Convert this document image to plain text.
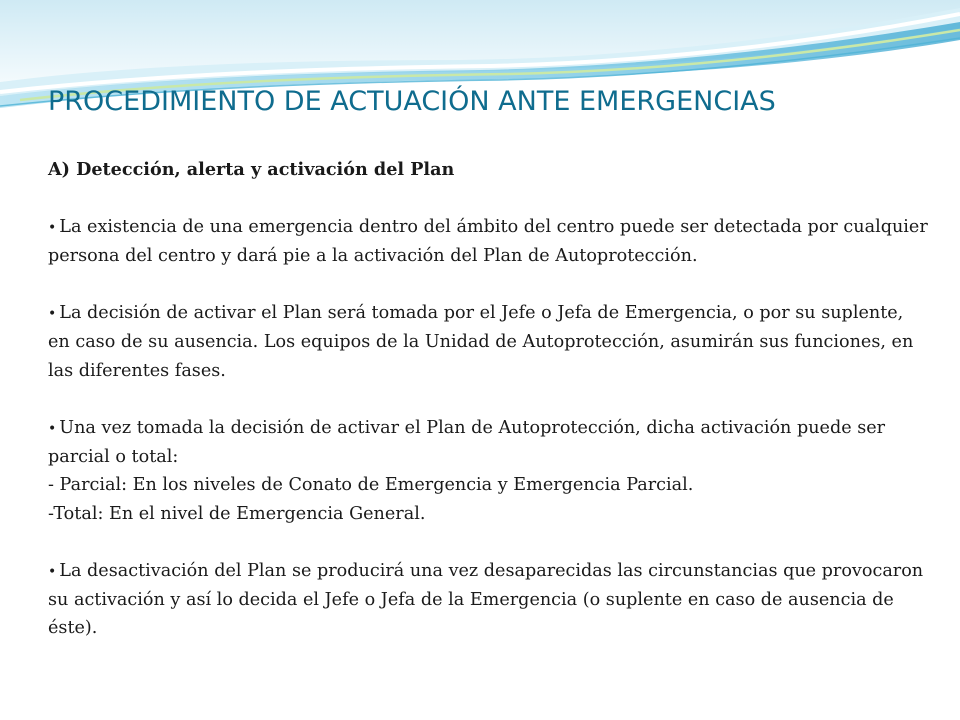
PROCEDIMIENTO DE ACTUACIÓN ANTE EMERGENCIAS

A) Detección, alerta y activación del Plan

• La existencia de una emergencia dentro del ámbito del centro puede ser detectada por cualquier persona del centro y dará pie a la activación del Plan de Autoprotección.

• La decisión de activar el Plan será tomada por el Jefe o Jefa de Emergencia, o por su suplente, en caso de su ausencia. Los equipos de la Unidad de Autoprotección, asumirán sus funciones, en las diferentes fases.

• Una vez tomada la decisión de activar el Plan de Autoprotección, dicha activación puede ser parcial o total:

- Parcial: En los niveles de Conato de Emergencia y Emergencia Parcial.

-Total: En el nivel de Emergencia General.

• La desactivación del Plan se producirá una vez desaparecidas las circunstancias que provocaron su activación y así lo decida el Jefe o Jefa de la Emergencia (o suplente en caso de ausencia de éste).
